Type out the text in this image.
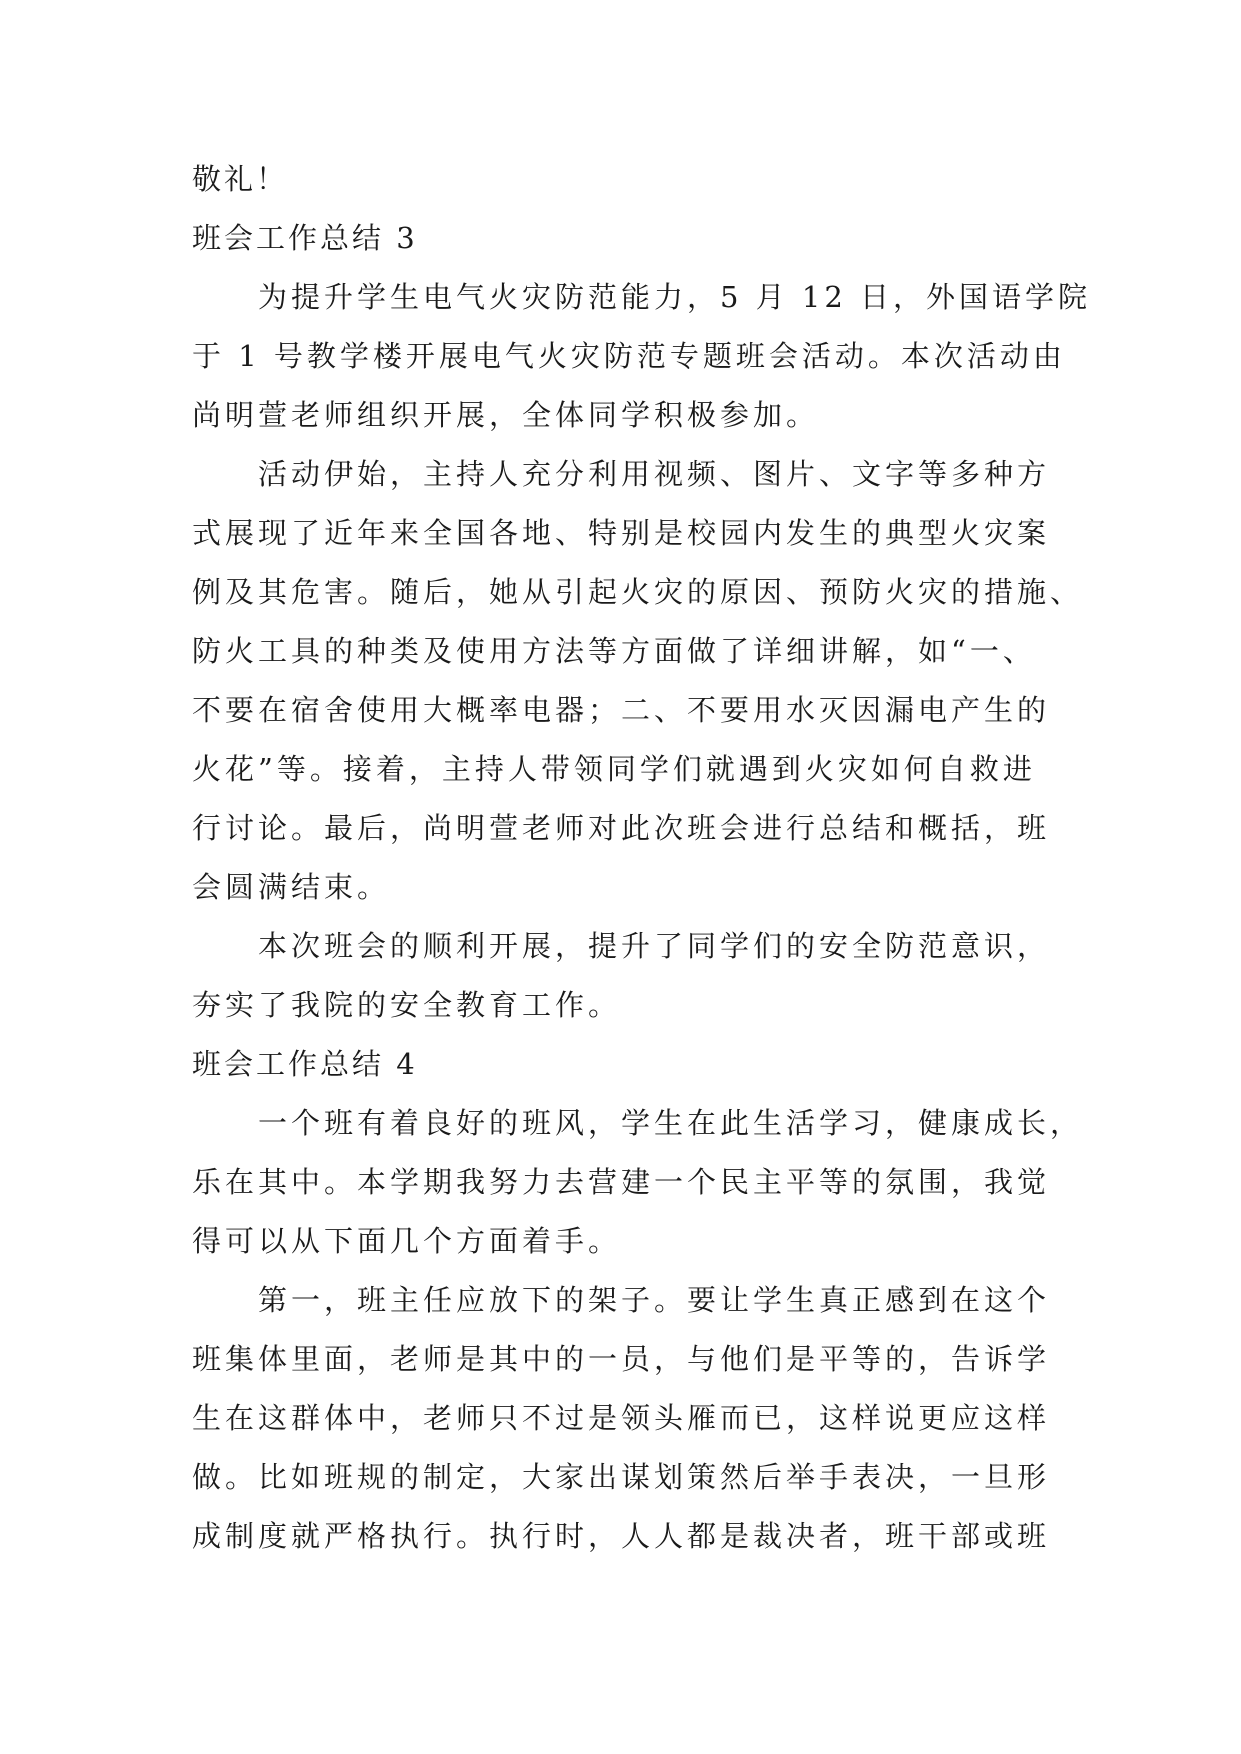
敬礼！
班会工作总结 3
为提升学生电气火灾防范能力，5 月 12 日，外国语学院
于 1 号教学楼开展电气火灾防范专题班会活动。本次活动由
尚明萱老师组织开展，全体同学积极参加。
活动伊始，主持人充分利用视频、图片、文字等多种方
式展现了近年来全国各地、特别是校园内发生的典型火灾案
例及其危害。随后，她从引起火灾的原因、预防火灾的措施、
防火工具的种类及使用方法等方面做了详细讲解，如“一、
不要在宿舍使用大概率电器；二、不要用水灭因漏电产生的
火花”等。接着，主持人带领同学们就遇到火灾如何自救进
行讨论。最后，尚明萱老师对此次班会进行总结和概括，班
会圆满结束。
本次班会的顺利开展，提升了同学们的安全防范意识，
夯实了我院的安全教育工作。
班会工作总结 4
一个班有着良好的班风，学生在此生活学习，健康成长，
乐在其中。本学期我努力去营建一个民主平等的氛围，我觉
得可以从下面几个方面着手。
第一，班主任应放下的架子。要让学生真正感到在这个
班集体里面，老师是其中的一员，与他们是平等的，告诉学
生在这群体中，老师只不过是领头雁而已，这样说更应这样
做。比如班规的制定，大家出谋划策然后举手表决，一旦形
成制度就严格执行。执行时，人人都是裁决者，班干部或班
